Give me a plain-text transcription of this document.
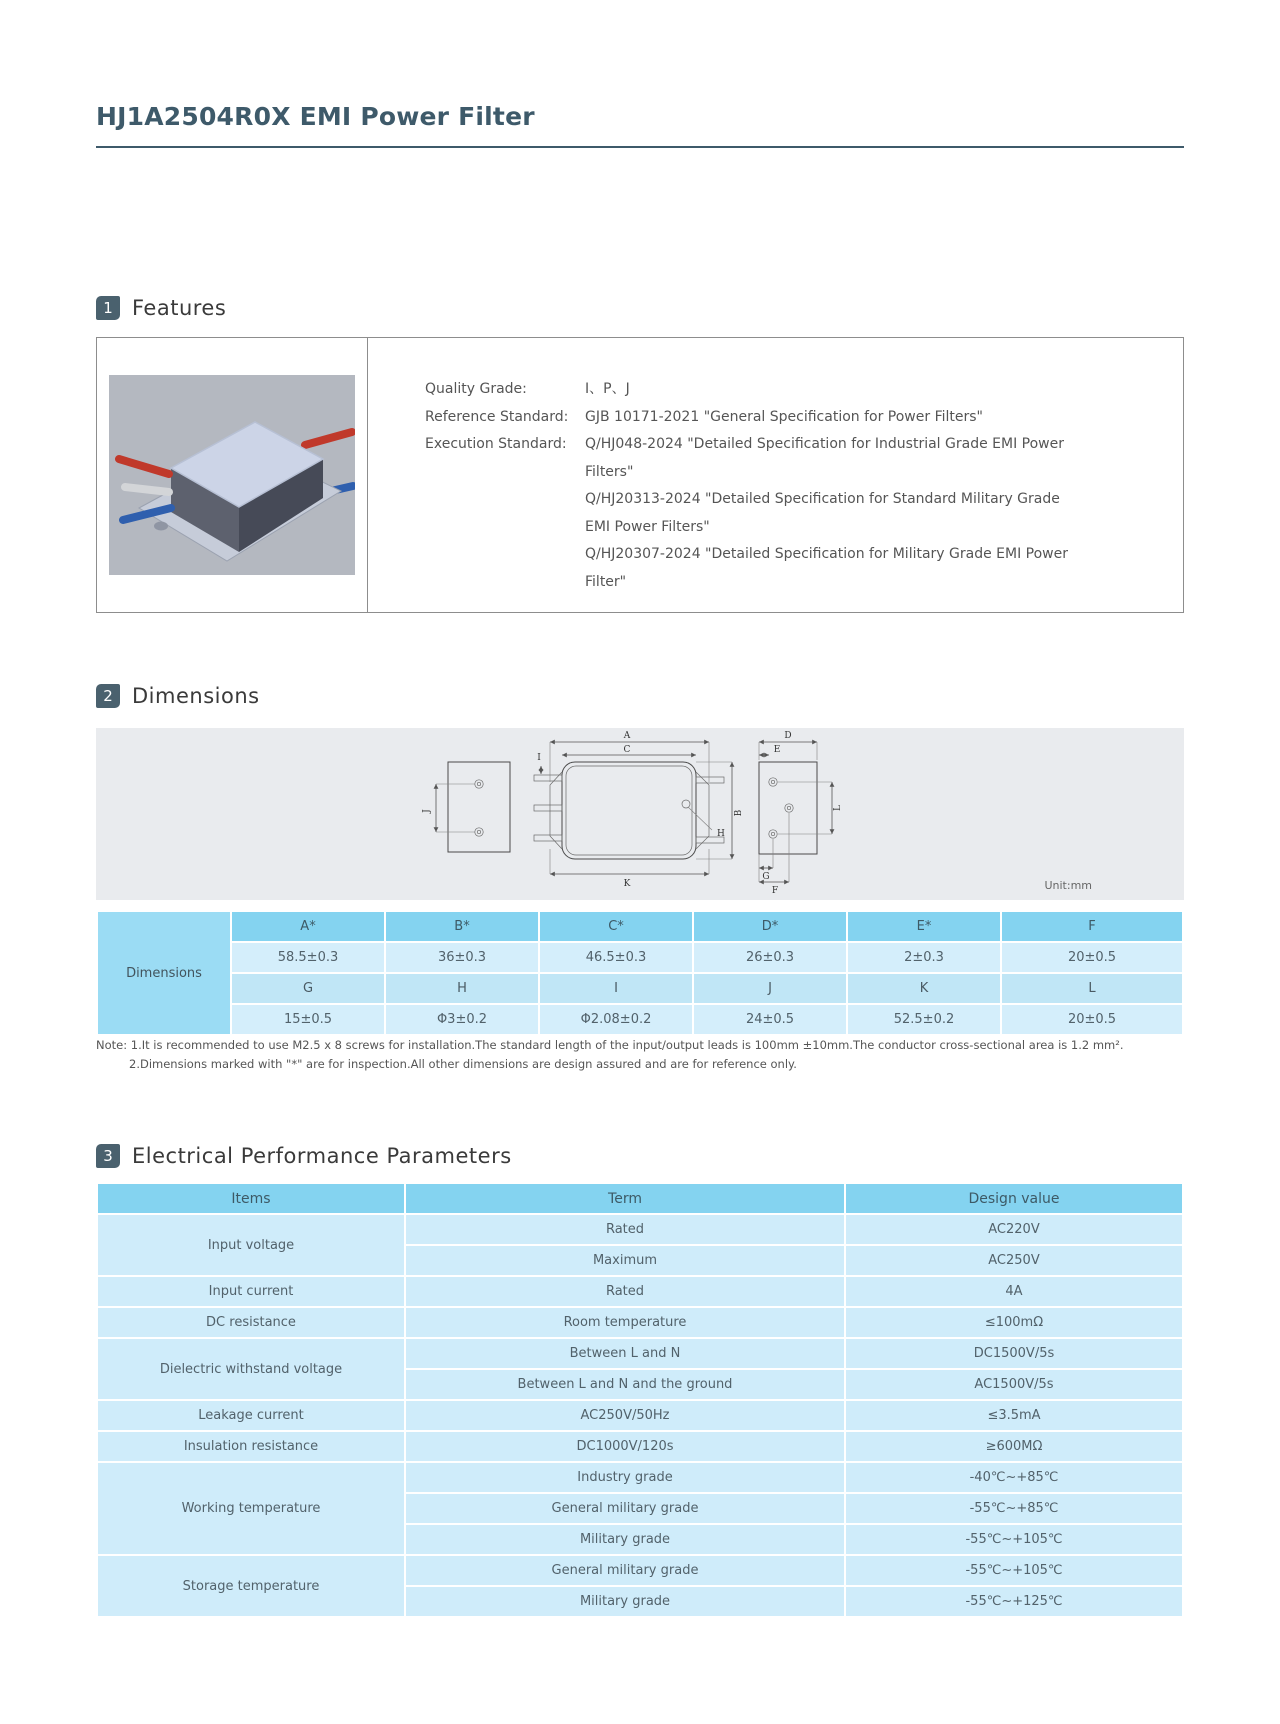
HJ1A2504R0X EMI Power Filter
1 Features
Quality Grade:	I、P、J
Reference Standard:	GJB 10171-2021 "General Specification for Power Filters"
Execution Standard:	Q/HJ048-2024 "Detailed Specification for Industrial Grade EMI Power Filters"
Q/HJ20313-2024 "Detailed Specification for Standard Military Grade EMI Power Filters"
Q/HJ20307-2024 "Detailed Specification for Military Grade EMI Power Filter"
2 Dimensions
J
A
C
K
B
I
H
D
E
L
G
F	Unit:mm
Dimensions	A*	B*	C*	D*	E*	F
	58.5±0.3	36±0.3	46.5±0.3	26±0.3	2±0.3	20±0.5
	G	H	I	J	K	L
	15±0.5	Φ3±0.2	Φ2.08±0.2	24±0.5	52.5±0.2	20±0.5
Note: 1.It is recommended to use M2.5 x 8 screws for installation.The standard length of the input/output leads is 100mm ±10mm.The conductor cross-sectional area is 1.2 mm².
2.Dimensions marked with "*" are for inspection.All other dimensions are design assured and are for reference only.
3 Electrical Performance Parameters
Items	Term	Design value
Input voltage	Rated	AC220V
	Maximum	AC250V
Input current	Rated	4A
DC resistance	Room temperature	≤100mΩ
Dielectric withstand voltage	Between L and N	DC1500V/5s
	Between L and N and the ground	AC1500V/5s
Leakage current	AC250V/50Hz	≤3.5mA
Insulation resistance	DC1000V/120s	≥600MΩ
Working temperature	Industry grade	-40℃~+85℃
	General military grade	-55℃~+85℃
	Military grade	-55℃~+105℃
Storage temperature	General military grade	-55℃~+105℃
	Military grade	-55℃~+125℃
